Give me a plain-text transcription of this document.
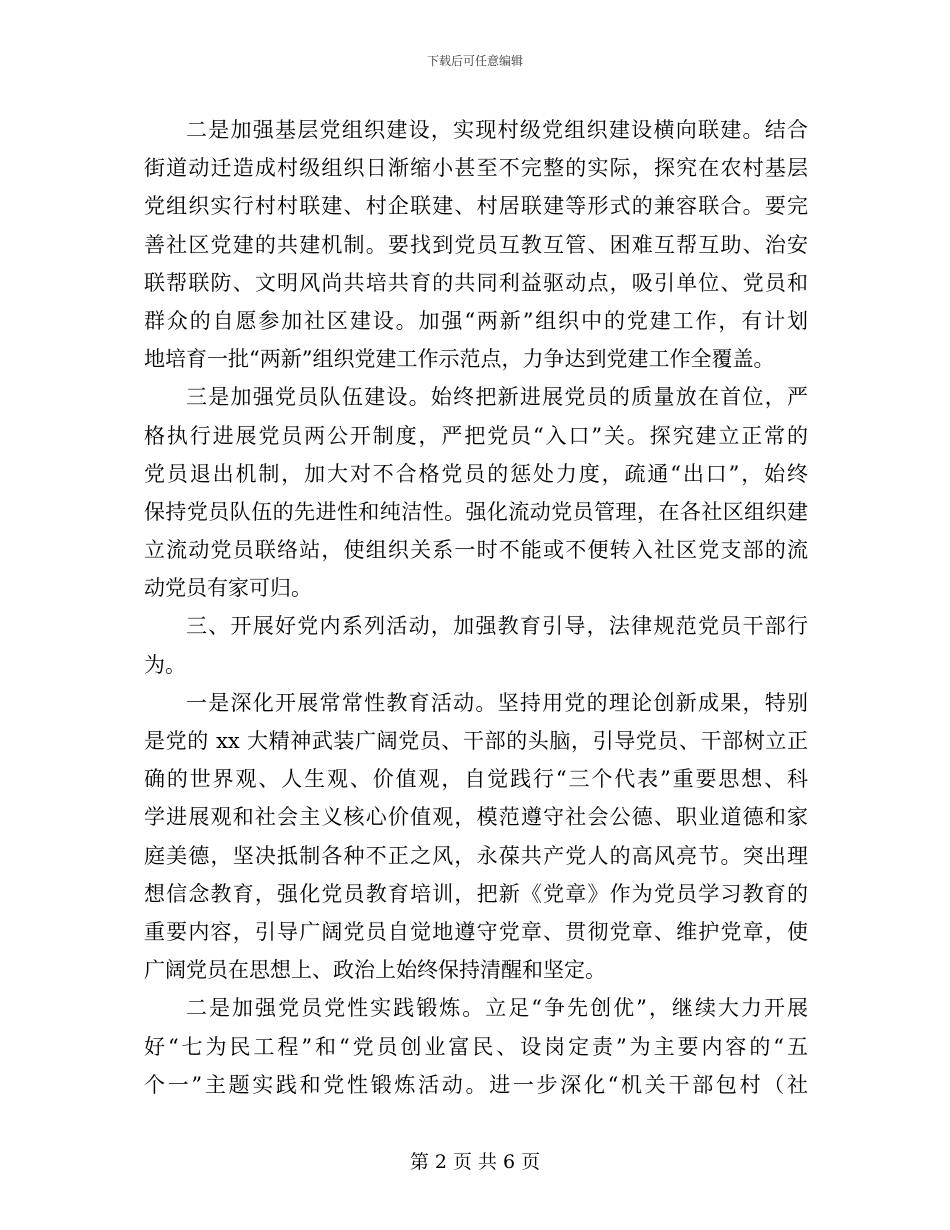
下载后可任意编辑
二是加强基层党组织建设，实现村级党组织建设横向联建。结合
街道动迁造成村级组织日渐缩小甚至不完整的实际，探究在农村基层
党组织实行村村联建、村企联建、村居联建等形式的兼容联合。要完
善社区党建的共建机制。要找到党员互教互管、困难互帮互助、治安
联帮联防、文明风尚共培共育的共同利益驱动点，吸引单位、党员和
群众的自愿参加社区建设。加强“两新”组织中的党建工作，有计划
地培育一批“两新”组织党建工作示范点，力争达到党建工作全覆盖。
三是加强党员队伍建设。始终把新进展党员的质量放在首位，严
格执行进展党员两公开制度，严把党员“入口”关。探究建立正常的
党员退出机制，加大对不合格党员的惩处力度，疏通“出口”，始终
保持党员队伍的先进性和纯洁性。强化流动党员管理，在各社区组织建
立流动党员联络站，使组织关系一时不能或不便转入社区党支部的流
动党员有家可归。
三、开展好党内系列活动，加强教育引导，法律规范党员干部行
为。
一是深化开展常常性教育活动。坚持用党的理论创新成果，特别
是党的 xx 大精神武装广阔党员、干部的头脑，引导党员、干部树立正
确的世界观、人生观、价值观，自觉践行“三个代表”重要思想、科
学进展观和社会主义核心价值观，模范遵守社会公德、职业道德和家
庭美德，坚决抵制各种不正之风，永葆共产党人的高风亮节。突出理
想信念教育，强化党员教育培训，把新《党章》作为党员学习教育的
重要内容，引导广阔党员自觉地遵守党章、贯彻党章、维护党章，使
广阔党员在思想上、政治上始终保持清醒和坚定。
二是加强党员党性实践锻炼。立足“争先创优”，继续大力开展
好“七为民工程”和“党员创业富民、设岗定责”为主要内容的“五
个一”主题实践和党性锻炼活动。进一步深化“机关干部包村（社
第 2 页 共 6 页
